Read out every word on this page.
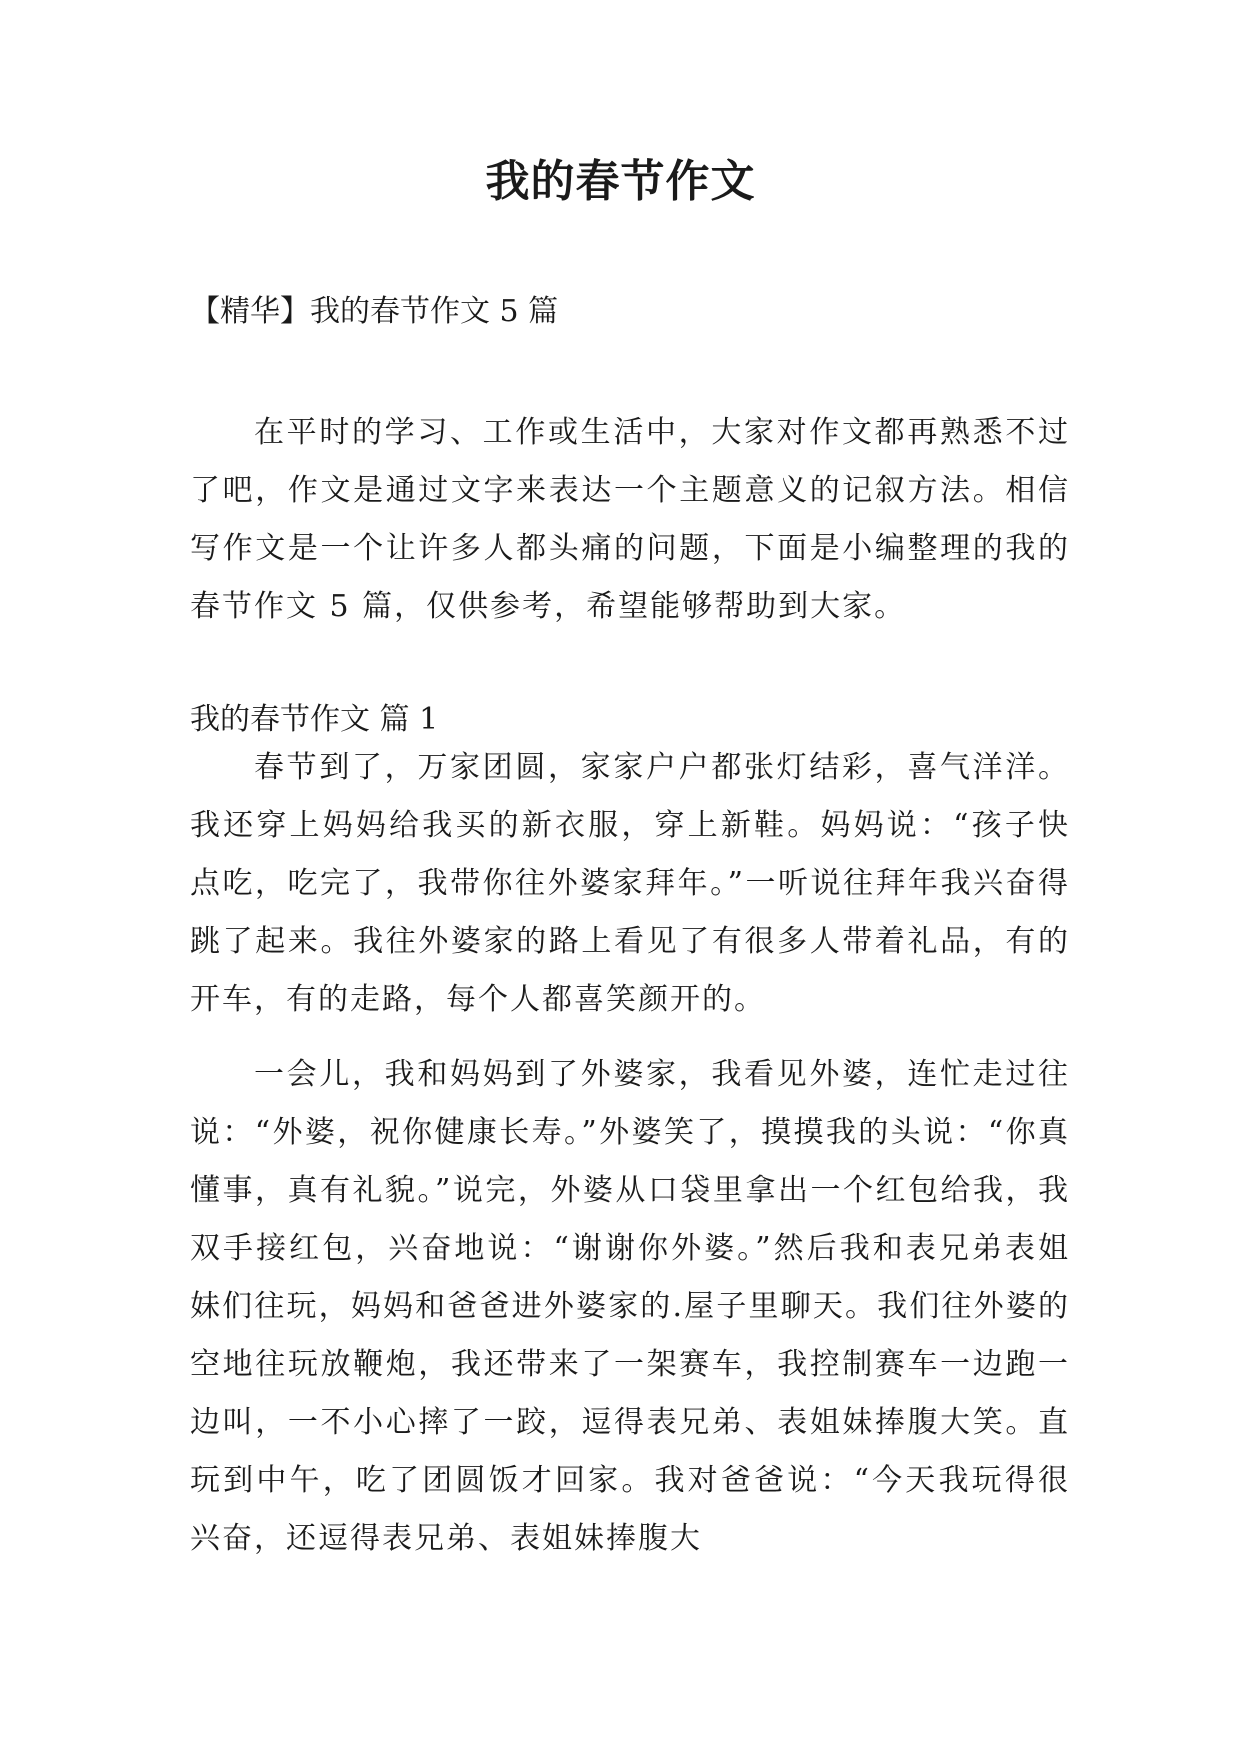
我的春节作文
【精华】我的春节作文 5 篇

在平时的学习、工作或生活中，大家对作文都再熟悉不过了吧，作文是通过文字来表达一个主题意义的记叙方法。相信写作文是一个让许多人都头痛的问题，下面是小编整理的我的春节作文 5 篇，仅供参考，希望能够帮助到大家。

我的春节作文 篇 1

春节到了，万家团圆，家家户户都张灯结彩，喜气洋洋。我还穿上妈妈给我买的新衣服，穿上新鞋。妈妈说：“孩子快点吃，吃完了，我带你往外婆家拜年。”一听说往拜年我兴奋得跳了起来。我往外婆家的路上看见了有很多人带着礼品，有的开车，有的走路，每个人都喜笑颜开的。

一会儿，我和妈妈到了外婆家，我看见外婆，连忙走过往说：“外婆，祝你健康长寿。”外婆笑了，摸摸我的头说：“你真懂事，真有礼貌。”说完，外婆从口袋里拿出一个红包给我，我双手接红包，兴奋地说：“谢谢你外婆。”然后我和表兄弟表姐妹们往玩，妈妈和爸爸进外婆家的.屋子里聊天。我们往外婆的空地往玩放鞭炮，我还带来了一架赛车，我控制赛车一边跑一边叫，一不小心摔了一跤，逗得表兄弟、表姐妹捧腹大笑。直玩到中午，吃了团圆饭才回家。我对爸爸说：“今天我玩得很兴奋，还逗得表兄弟、表姐妹捧腹大
